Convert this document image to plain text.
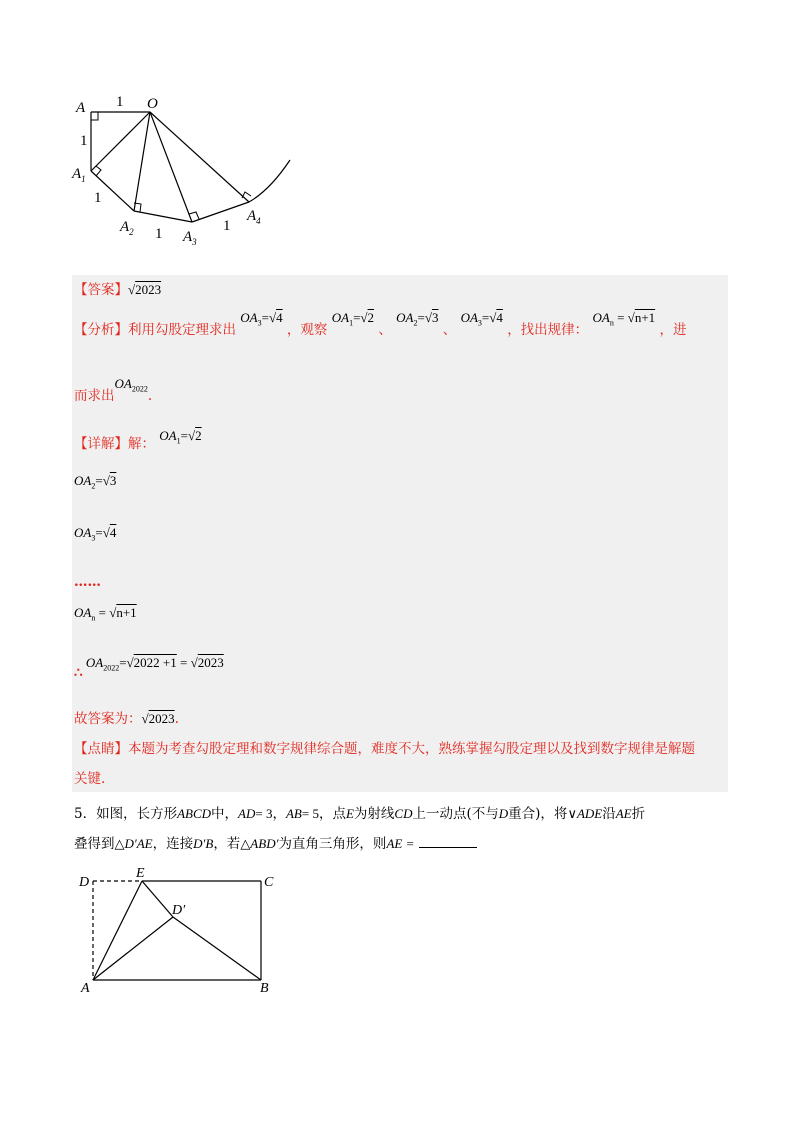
O
A
$A_1$
$A_2$	$A_3$
$A_4$
1
1
1
1	1
【答案】√2023
【分析】利用勾股定理求出 $OA_3=√4$ ，观察 $OA_1=√2$ 、 $OA_2=√3$ 、 $OA_3=√4$ ，找出规律： $OA_n = √n+1$ ，进
而求出$OA_{2022}$.
【详解】解： $OA_1=√2$
$OA_2=√3$
$OA_3=√4$
……
$OA_n = √n+1$
∴ $OA_{2022}=√2022 +1 = √2023$
故答案为：√2023.
【点睛】本题为考查勾股定理和数字规律综合题，难度不大，熟练掌握勾股定理以及找到数字规律是解题
关键.
5．如图，长方形ABCD中，AD= 3，AB= 5，点E为射线CD上一动点(不与D重合)，将∨ADE沿AE折
叠得到△D′AE，连接D′B，若△ABD′为直角三角形，则AE =
D
E
C
D′
A	B
